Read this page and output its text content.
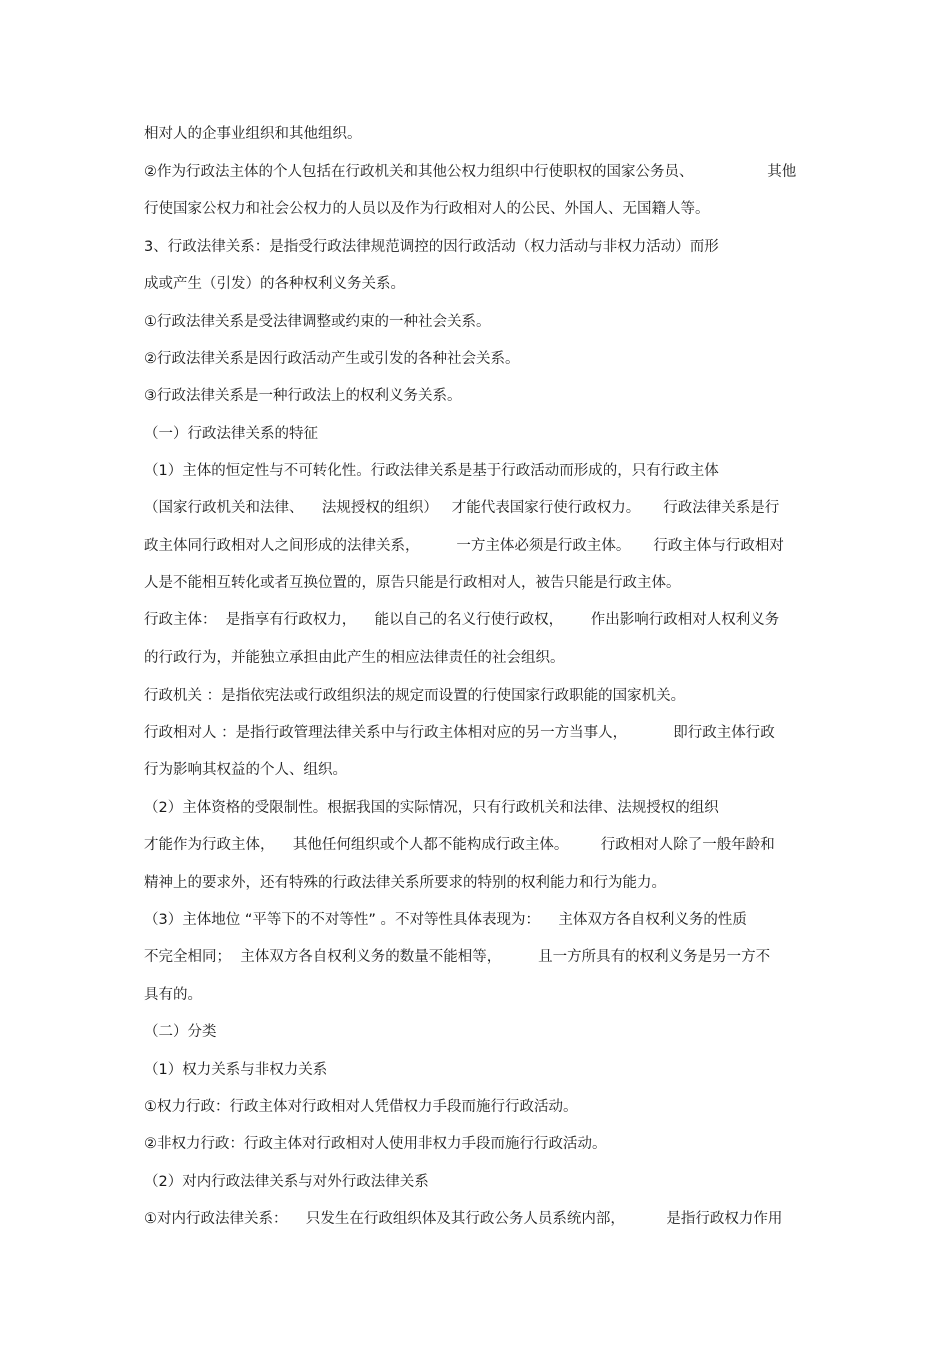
相对人的企事业组织和其他组织。
②作为行政法主体的个人包括在行政机关和其他公权力组织中行使职权的国家公务员、                其他
行使国家公权力和社会公权力的人员以及作为行政相对人的公民、外国人、无国籍人等。
3、行政法律关系：是指受行政法律规范调控的因行政活动（权力活动与非权力活动）而形
成或产生（引发）的各种权利义务关系。
①行政法律关系是受法律调整或约束的一种社会关系。
②行政法律关系是因行政活动产生或引发的各种社会关系。
③行政法律关系是一种行政法上的权利义务关系。
（一）行政法律关系的特征
（1）主体的恒定性与不可转化性。行政法律关系是基于行政活动而形成的，只有行政主体
（国家行政机关和法律、    法规授权的组织）   才能代表国家行使行政权力。     行政法律关系是行
政主体同行政相对人之间形成的法律关系，        一方主体必须是行政主体。     行政主体与行政相对
人是不能相互转化或者互换位置的，原告只能是行政相对人，被告只能是行政主体。
行政主体：  是指享有行政权力，    能以自己的名义行使行政权，      作出影响行政相对人权利义务
的行政行为，并能独立承担由此产生的相应法律责任的社会组织。
行政机关 ：是指依宪法或行政组织法的规定而设置的行使国家行政职能的国家机关。
行政相对人 ：是指行政管理法律关系中与行政主体相对应的另一方当事人，          即行政主体行政
行为影响其权益的个人、组织。
（2）主体资格的受限制性。根据我国的实际情况，只有行政机关和法律、法规授权的组织
才能作为行政主体，    其他任何组织或个人都不能构成行政主体。       行政相对人除了一般年龄和
精神上的要求外，还有特殊的行政法律关系所要求的特别的权利能力和行为能力。
（3）主体地位 “平等下的不对等性” 。不对等性具体表现为：    主体双方各自权利义务的性质
不完全相同；  主体双方各自权利义务的数量不能相等，        且一方所具有的权利义务是另一方不
具有的。
（二）分类
（1）权力关系与非权力关系
①权力行政：行政主体对行政相对人凭借权力手段而施行行政活动。
②非权力行政：行政主体对行政相对人使用非权力手段而施行行政活动。
（2）对内行政法律关系与对外行政法律关系
①对内行政法律关系：    只发生在行政组织体及其行政公务人员系统内部，         是指行政权力作用
